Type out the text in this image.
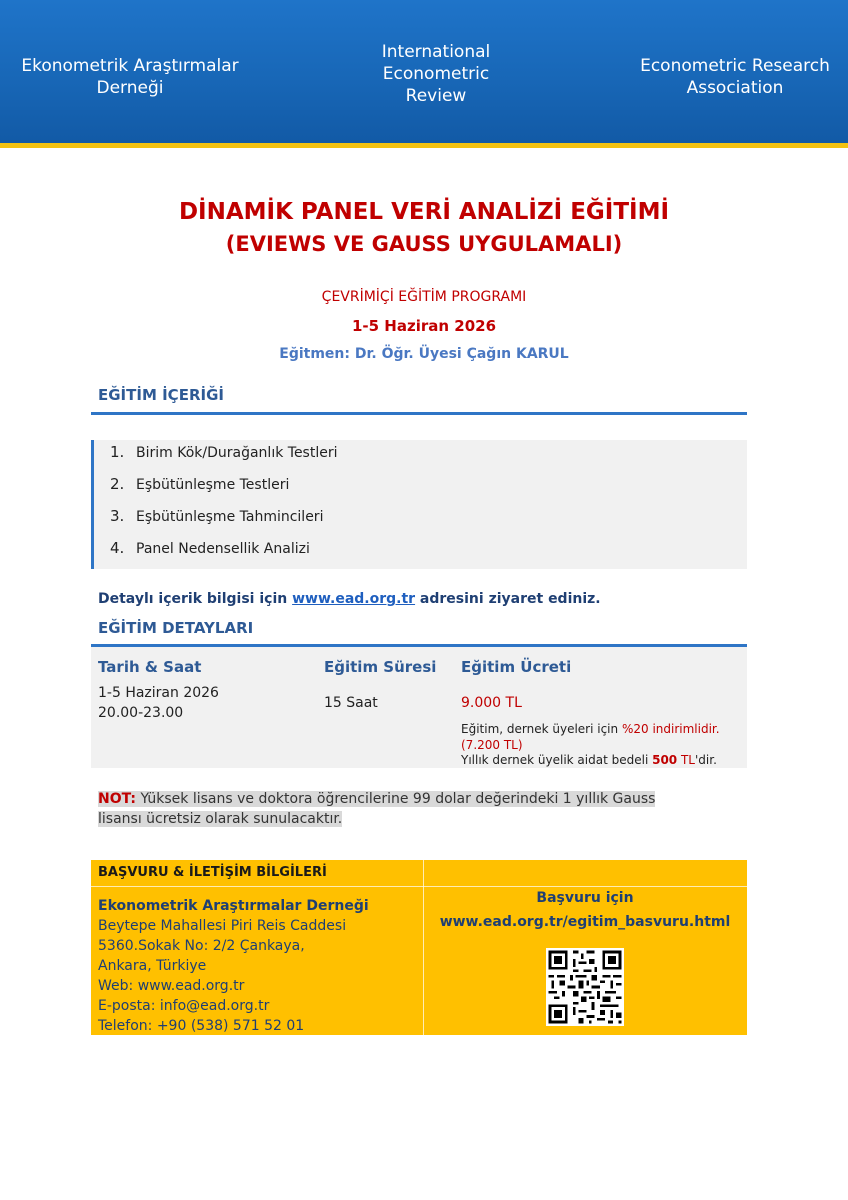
Ekonometrik Araştırmalar
Derneği
International
Econometric
Review
Econometric Research
Association
DİNAMİK PANEL VERİ ANALİZİ EĞİTİMİ
(EVIEWS VE GAUSS UYGULAMALI)
ÇEVRİMİÇİ EĞİTİM PROGRAMI
1-5 Haziran 2026
Eğitmen: Dr. Öğr. Üyesi Çağın KARUL
EĞİTİM İÇERİĞİ
1. Birim Kök/Durağanlık Testleri
2. Eşbütünleşme Testleri
3. Eşbütünleşme Tahmincileri
4. Panel Nedensellik Analizi
Detaylı içerik bilgisi için www.ead.org.tr adresini ziyaret ediniz.
EĞİTİM DETAYLARI
Tarih & Saat	Eğitim Süresi Eğitim Ücreti
1-5 Haziran 2026
20.00-23.00
15 Saat	9.000 TL
Eğitim, dernek üyeleri için %20 indirimlidir.
(7.200 TL)
Yıllık dernek üyelik aidat bedeli 500 TL'dir.
NOT: Yüksek lisans ve doktora öğrencilerine 99 dolar değerindeki 1 yıllık Gauss lisansı ücretsiz olarak sunulacaktır.
BAŞVURU & İLETİŞİM BİLGİLERİ
Ekonometrik Araştırmalar Derneği
Beytepe Mahallesi Piri Reis Caddesi
5360.Sokak No: 2/2 Çankaya,
Ankara, Türkiye
Web: www.ead.org.tr
E-posta: info@ead.org.tr
Telefon: +90 (538) 571 52 01
Başvuru için
www.ead.org.tr/egitim_basvuru.html
